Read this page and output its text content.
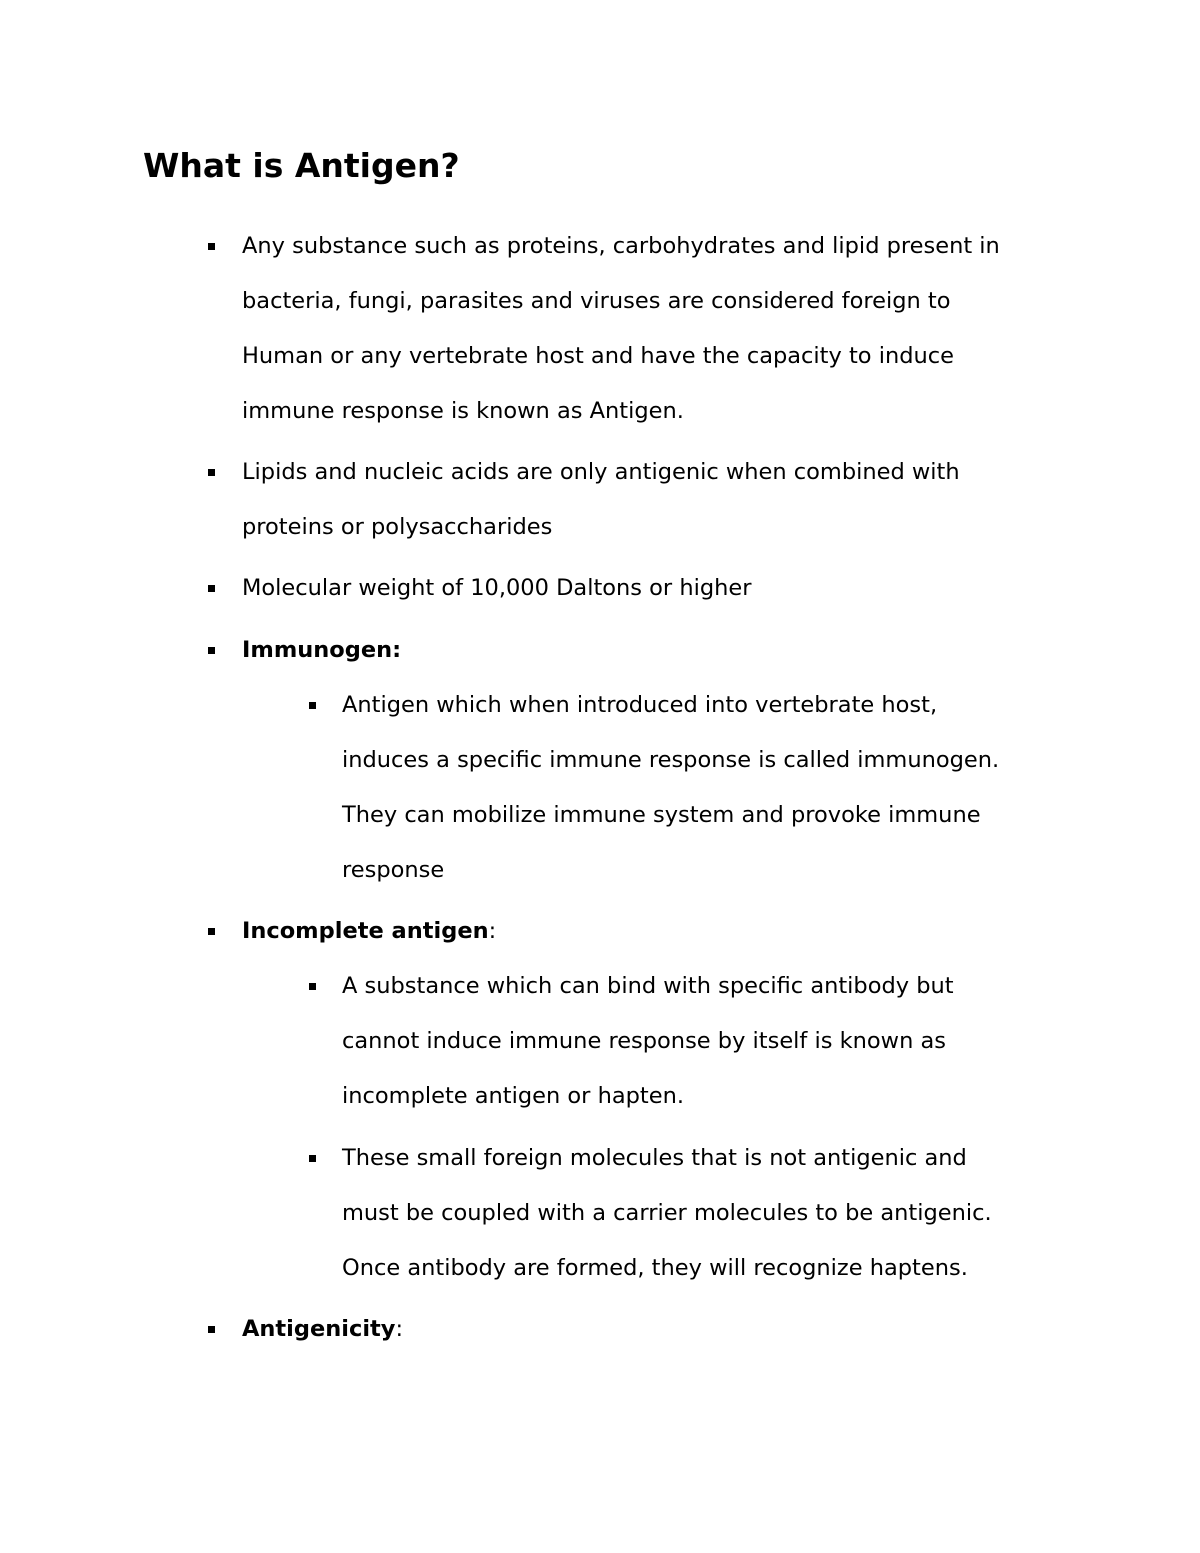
What is Antigen?
Any substance such as proteins, carbohydrates and lipid present in
bacteria, fungi, parasites and viruses are considered foreign to
Human or any vertebrate host and have the capacity to induce
immune response is known as Antigen.
Lipids and nucleic acids are only antigenic when combined with
proteins or polysaccharides
Molecular weight of 10,000 Daltons or higher
Immunogen:
Antigen which when introduced into vertebrate host,
induces a specific immune response is called immunogen.
They can mobilize immune system and provoke immune
response
Incomplete antigen:
A substance which can bind with specific antibody but
cannot induce immune response by itself is known as
incomplete antigen or hapten.
These small foreign molecules that is not antigenic and
must be coupled with a carrier molecules to be antigenic.
Once antibody are formed, they will recognize haptens.
Antigenicity:
